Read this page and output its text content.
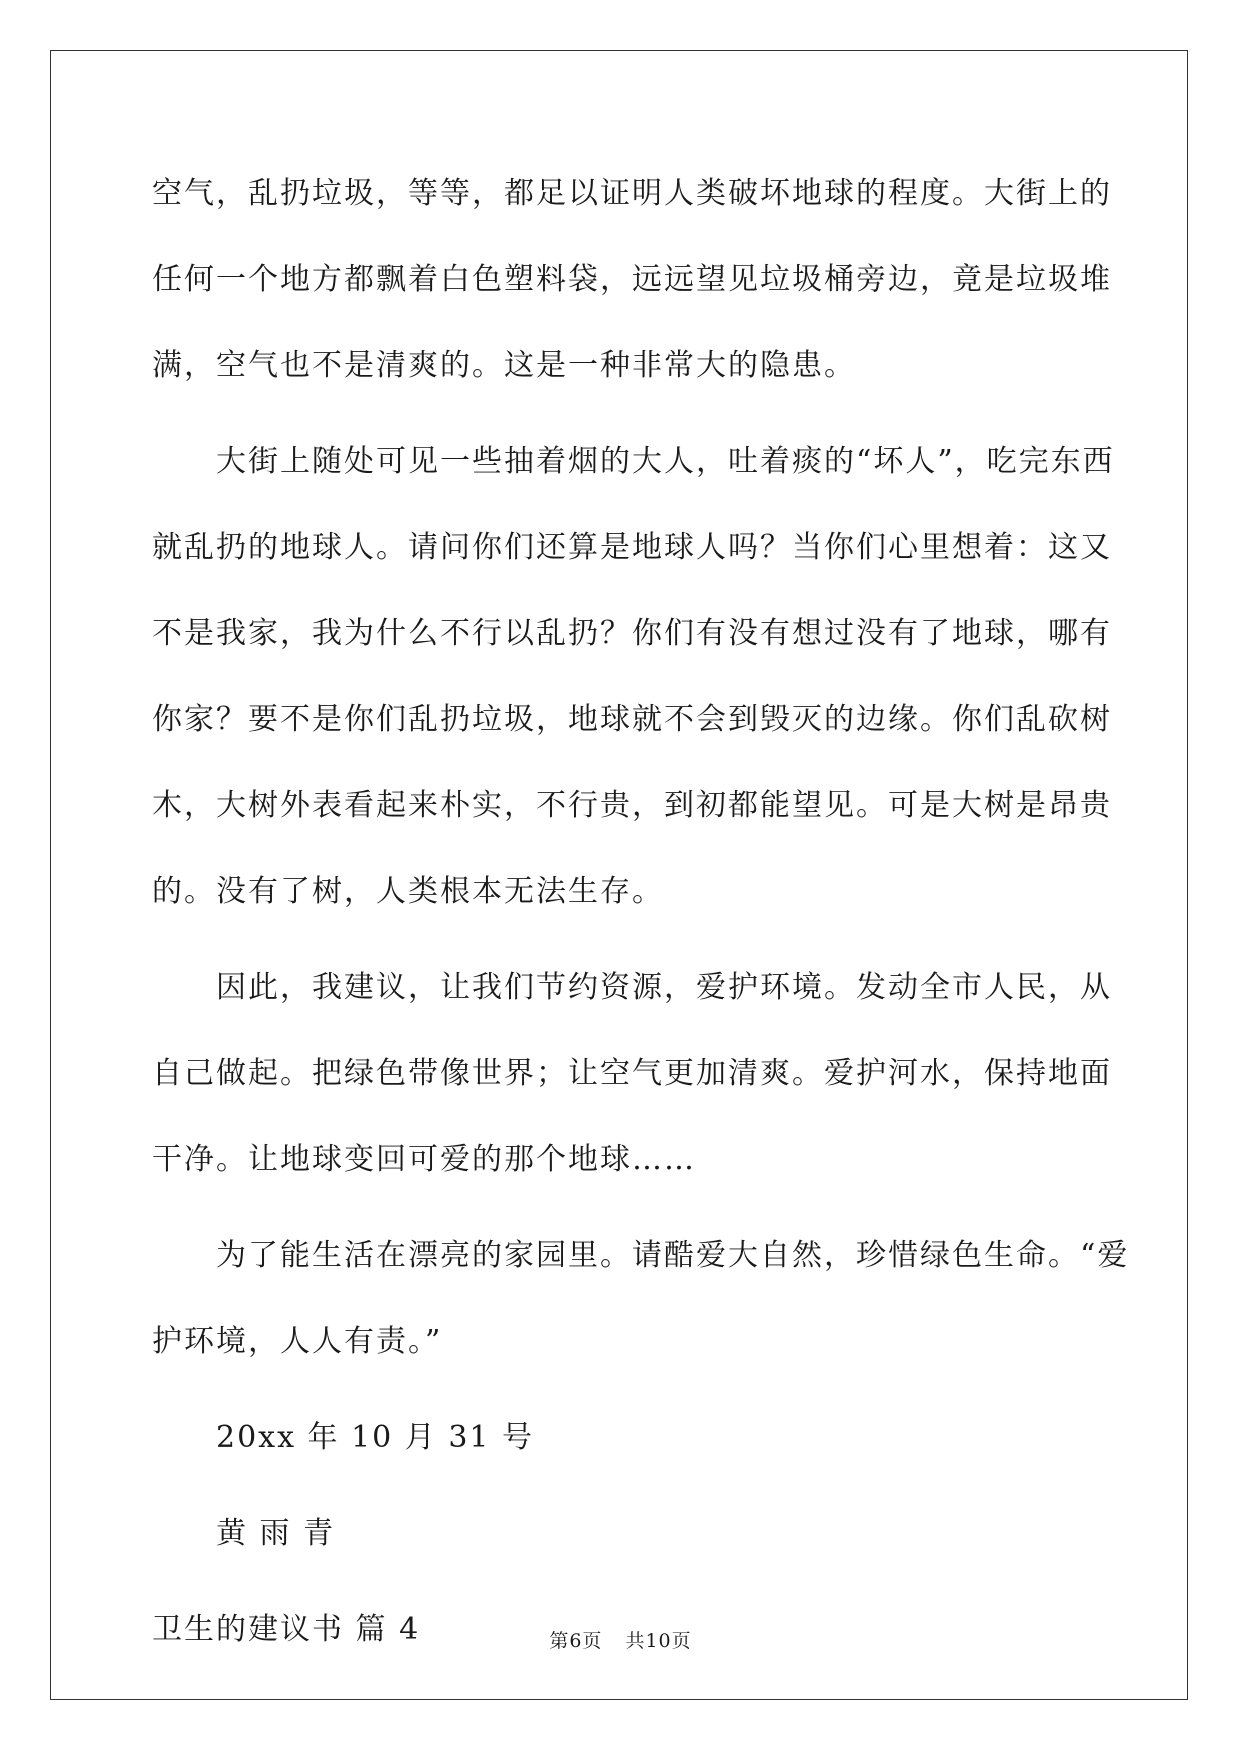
空气，乱扔垃圾，等等，都足以证明人类破坏地球的程度。大街上的
任何一个地方都飘着白色塑料袋，远远望见垃圾桶旁边，竟是垃圾堆
满，空气也不是清爽的。这是一种非常大的隐患。
　　大街上随处可见一些抽着烟的大人，吐着痰的“坏人”，吃完东西
就乱扔的地球人。请问你们还算是地球人吗？当你们心里想着：这又
不是我家，我为什么不行以乱扔？你们有没有想过没有了地球，哪有
你家？要不是你们乱扔垃圾，地球就不会到毁灭的边缘。你们乱砍树
木，大树外表看起来朴实，不行贵，到初都能望见。可是大树是昂贵
的。没有了树，人类根本无法生存。
　　因此，我建议，让我们节约资源，爱护环境。发动全市人民，从
自己做起。把绿色带像世界；让空气更加清爽。爱护河水，保持地面
干净。让地球变回可爱的那个地球……
　　为了能生活在漂亮的家园里。请酷爱大自然，珍惜绿色生命。“爱
护环境，人人有责。”
　　20xx 年 10 月 31 号
　　黄 雨 青
卫生的建议书 篇 4	第6页 共10页
